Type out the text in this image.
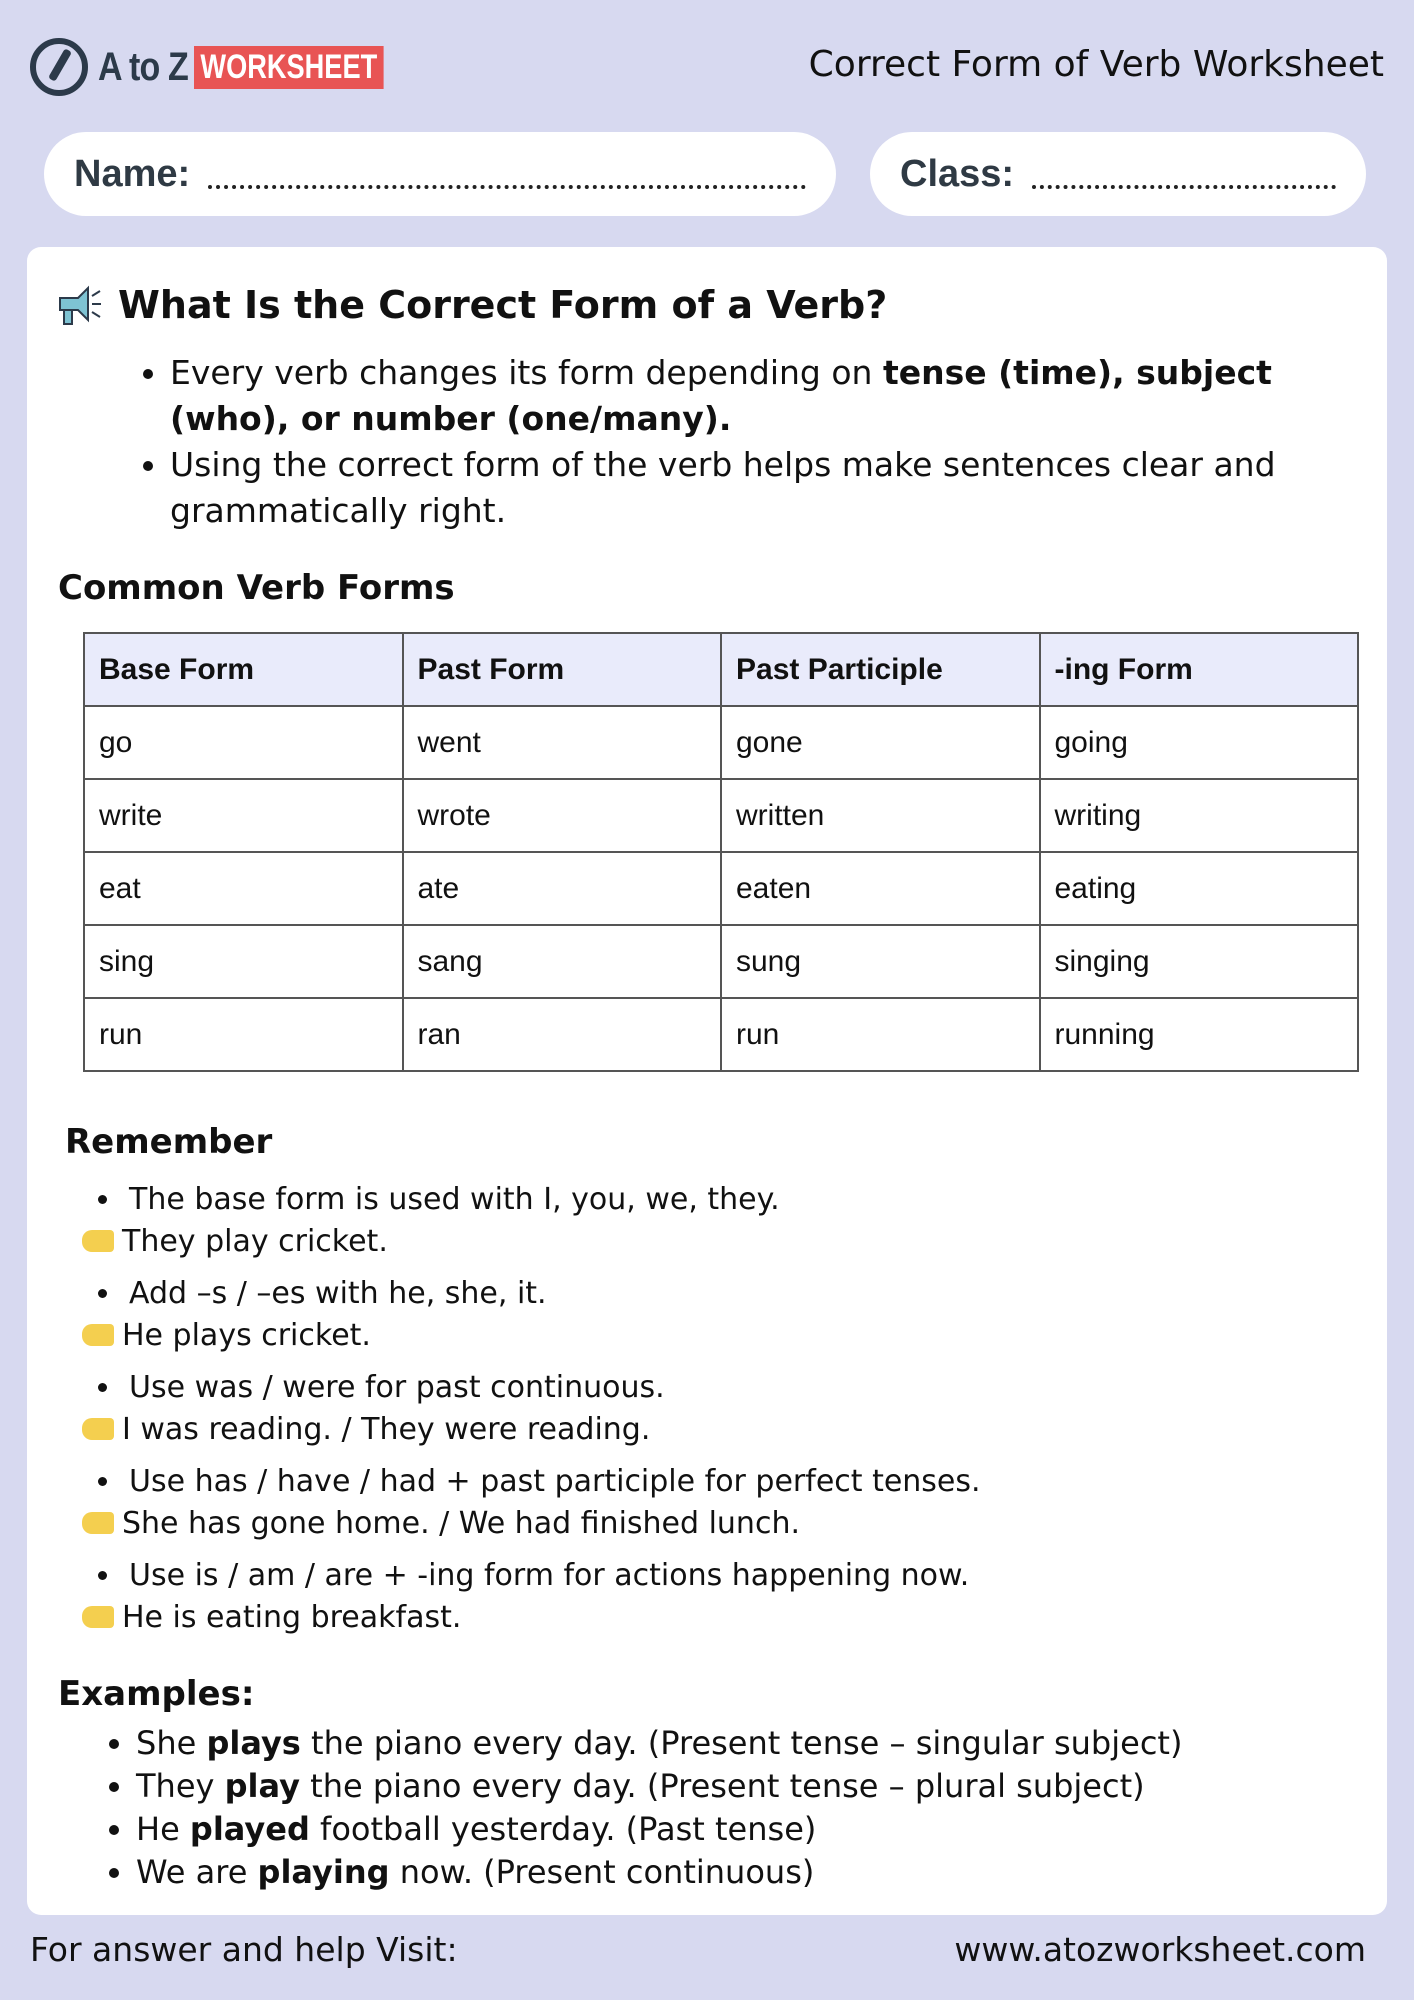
A to Z WORKSHEET	Correct Form of Verb Worksheet
Name:	Class:
What Is the Correct Form of a Verb?
• Every verb changes its form depending on tense (time), subject (who), or number (one/many).
• Using the correct form of the verb helps make sentences clear and grammatically right.
Common Verb Forms
Base Form	Past Form	Past Participle	-ing Form
go	went	gone	going
write	wrote	written	writing
eat	ate	eaten	eating
sing	sang	sung	singing
run	ran	run	running
Remember
The base form is used with I, you, we, they.
They play cricket.
Add –s / –es with he, she, it.
He plays cricket.
Use was / were for past continuous.
I was reading. / They were reading.
Use has / have / had + past participle for perfect tenses.
She has gone home. / We had finished lunch.
Use is / am / are + -ing form for actions happening now.
He is eating breakfast.
Examples:
• She plays the piano every day. (Present tense – singular subject)
• They play the piano every day. (Present tense – plural subject)
• He played football yesterday. (Past tense)
• We are playing now. (Present continuous)
For answer and help Visit:	www.atozworksheet.com
